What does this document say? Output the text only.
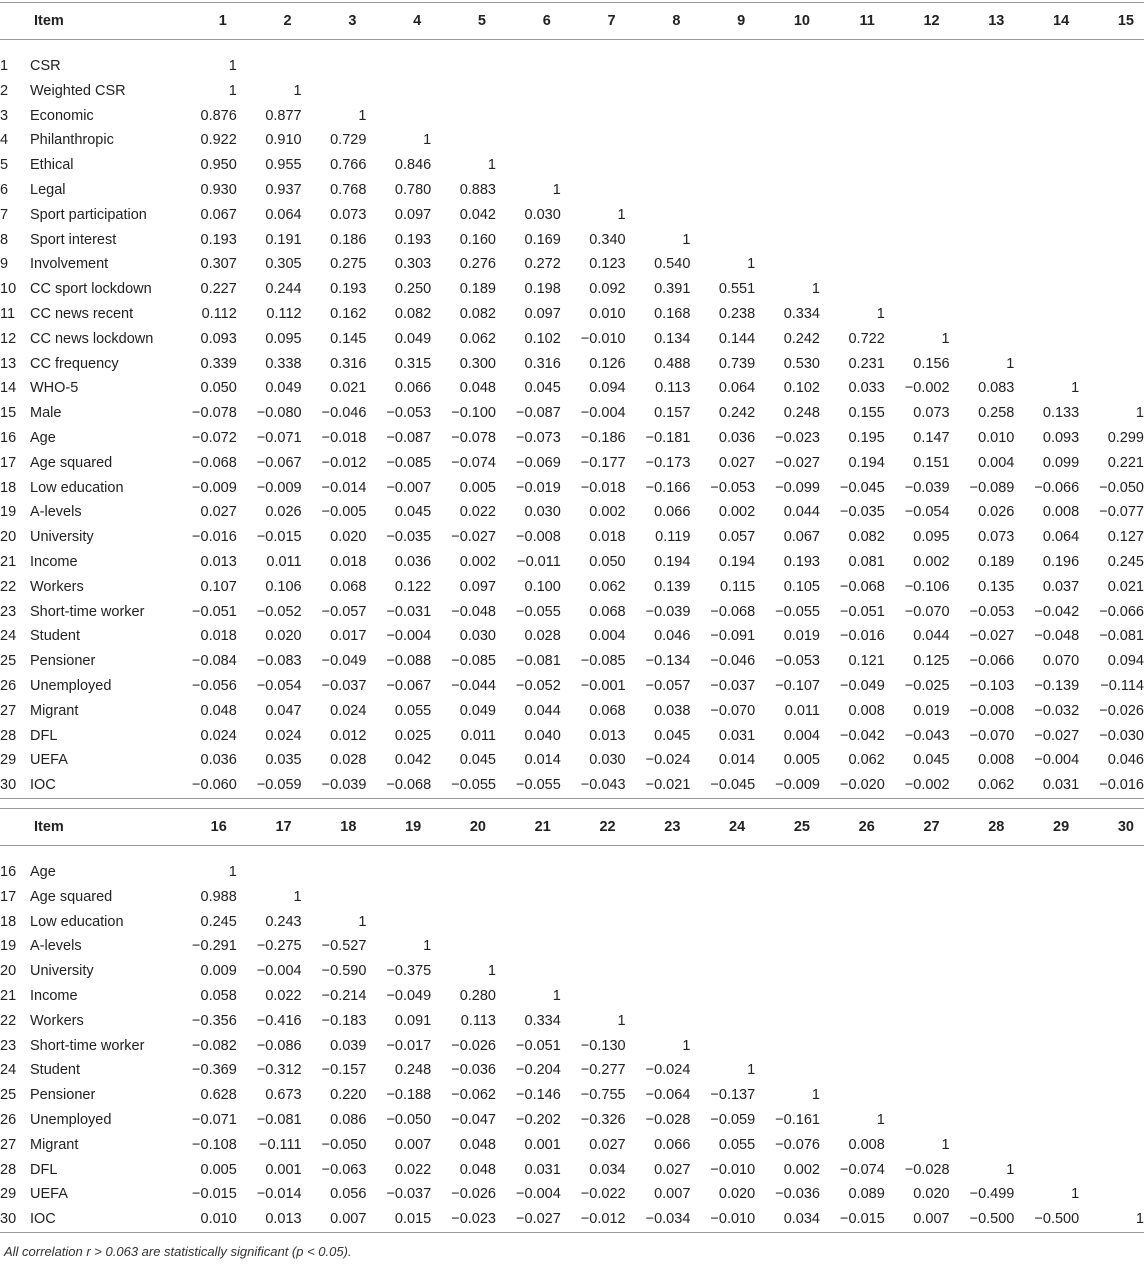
Item		1	2	3	4	5	6	7	8	9	10	11	12	13	14	15
1	CSR	1														
2	Weighted CSR	1	1													
3	Economic	0.876	0.877	1												
4	Philanthropic	0.922	0.910	0.729	1											
5	Ethical	0.950	0.955	0.766	0.846	1										
6	Legal	0.930	0.937	0.768	0.780	0.883	1									
7	Sport participation	0.067	0.064	0.073	0.097	0.042	0.030	1								
8	Sport interest	0.193	0.191	0.186	0.193	0.160	0.169	0.340	1							
9	Involvement	0.307	0.305	0.275	0.303	0.276	0.272	0.123	0.540	1						
10	CC sport lockdown	0.227	0.244	0.193	0.250	0.189	0.198	0.092	0.391	0.551	1					
11	CC news recent	0.112	0.112	0.162	0.082	0.082	0.097	0.010	0.168	0.238	0.334	1				
12	CC news lockdown	0.093	0.095	0.145	0.049	0.062	0.102	−0.010	0.134	0.144	0.242	0.722	1			
13	CC frequency	0.339	0.338	0.316	0.315	0.300	0.316	0.126	0.488	0.739	0.530	0.231	0.156	1		
14	WHO-5	0.050	0.049	0.021	0.066	0.048	0.045	0.094	0.113	0.064	0.102	0.033	−0.002	0.083	1	
15	Male	−0.078	−0.080	−0.046	−0.053	−0.100	−0.087	−0.004	0.157	0.242	0.248	0.155	0.073	0.258	0.133	1
16	Age	−0.072	−0.071	−0.018	−0.087	−0.078	−0.073	−0.186	−0.181	0.036	−0.023	0.195	0.147	0.010	0.093	0.299
17	Age squared	−0.068	−0.067	−0.012	−0.085	−0.074	−0.069	−0.177	−0.173	0.027	−0.027	0.194	0.151	0.004	0.099	0.221
18	Low education	−0.009	−0.009	−0.014	−0.007	0.005	−0.019	−0.018	−0.166	−0.053	−0.099	−0.045	−0.039	−0.089	−0.066	−0.050
19	A-levels	0.027	0.026	−0.005	0.045	0.022	0.030	0.002	0.066	0.002	0.044	−0.035	−0.054	0.026	0.008	−0.077
20	University	−0.016	−0.015	0.020	−0.035	−0.027	−0.008	0.018	0.119	0.057	0.067	0.082	0.095	0.073	0.064	0.127
21	Income	0.013	0.011	0.018	0.036	0.002	−0.011	0.050	0.194	0.194	0.193	0.081	0.002	0.189	0.196	0.245
22	Workers	0.107	0.106	0.068	0.122	0.097	0.100	0.062	0.139	0.115	0.105	−0.068	−0.106	0.135	0.037	0.021
23	Short-time worker	−0.051	−0.052	−0.057	−0.031	−0.048	−0.055	0.068	−0.039	−0.068	−0.055	−0.051	−0.070	−0.053	−0.042	−0.066
24	Student	0.018	0.020	0.017	−0.004	0.030	0.028	0.004	0.046	−0.091	0.019	−0.016	0.044	−0.027	−0.048	−0.081
25	Pensioner	−0.084	−0.083	−0.049	−0.088	−0.085	−0.081	−0.085	−0.134	−0.046	−0.053	0.121	0.125	−0.066	0.070	0.094
26	Unemployed	−0.056	−0.054	−0.037	−0.067	−0.044	−0.052	−0.001	−0.057	−0.037	−0.107	−0.049	−0.025	−0.103	−0.139	−0.114
27	Migrant	0.048	0.047	0.024	0.055	0.049	0.044	0.068	0.038	−0.070	0.011	0.008	0.019	−0.008	−0.032	−0.026
28	DFL	0.024	0.024	0.012	0.025	0.011	0.040	0.013	0.045	0.031	0.004	−0.042	−0.043	−0.070	−0.027	−0.030
29	UEFA	0.036	0.035	0.028	0.042	0.045	0.014	0.030	−0.024	0.014	0.005	0.062	0.045	0.008	−0.004	0.046
30	IOC	−0.060	−0.059	−0.039	−0.068	−0.055	−0.055	−0.043	−0.021	−0.045	−0.009	−0.020	−0.002	0.062	0.031	−0.016
Item		16	17	18	19	20	21	22	23	24	25	26	27	28	29	30
16	Age	1														
17	Age squared	0.988	1													
18	Low education	0.245	0.243	1												
19	A-levels	−0.291	−0.275	−0.527	1											
20	University	0.009	−0.004	−0.590	−0.375	1										
21	Income	0.058	0.022	−0.214	−0.049	0.280	1									
22	Workers	−0.356	−0.416	−0.183	0.091	0.113	0.334	1								
23	Short-time worker	−0.082	−0.086	0.039	−0.017	−0.026	−0.051	−0.130	1							
24	Student	−0.369	−0.312	−0.157	0.248	−0.036	−0.204	−0.277	−0.024	1						
25	Pensioner	0.628	0.673	0.220	−0.188	−0.062	−0.146	−0.755	−0.064	−0.137	1					
26	Unemployed	−0.071	−0.081	0.086	−0.050	−0.047	−0.202	−0.326	−0.028	−0.059	−0.161	1				
27	Migrant	−0.108	−0.111	−0.050	0.007	0.048	0.001	0.027	0.066	0.055	−0.076	0.008	1			
28	DFL	0.005	0.001	−0.063	0.022	0.048	0.031	0.034	0.027	−0.010	0.002	−0.074	−0.028	1		
29	UEFA	−0.015	−0.014	0.056	−0.037	−0.026	−0.004	−0.022	0.007	0.020	−0.036	0.089	0.020	−0.499	1	
30	IOC	0.010	0.013	0.007	0.015	−0.023	−0.027	−0.012	−0.034	−0.010	0.034	−0.015	0.007	−0.500	−0.500	1
All correlation r > 0.063 are statistically significant (p < 0.05).
